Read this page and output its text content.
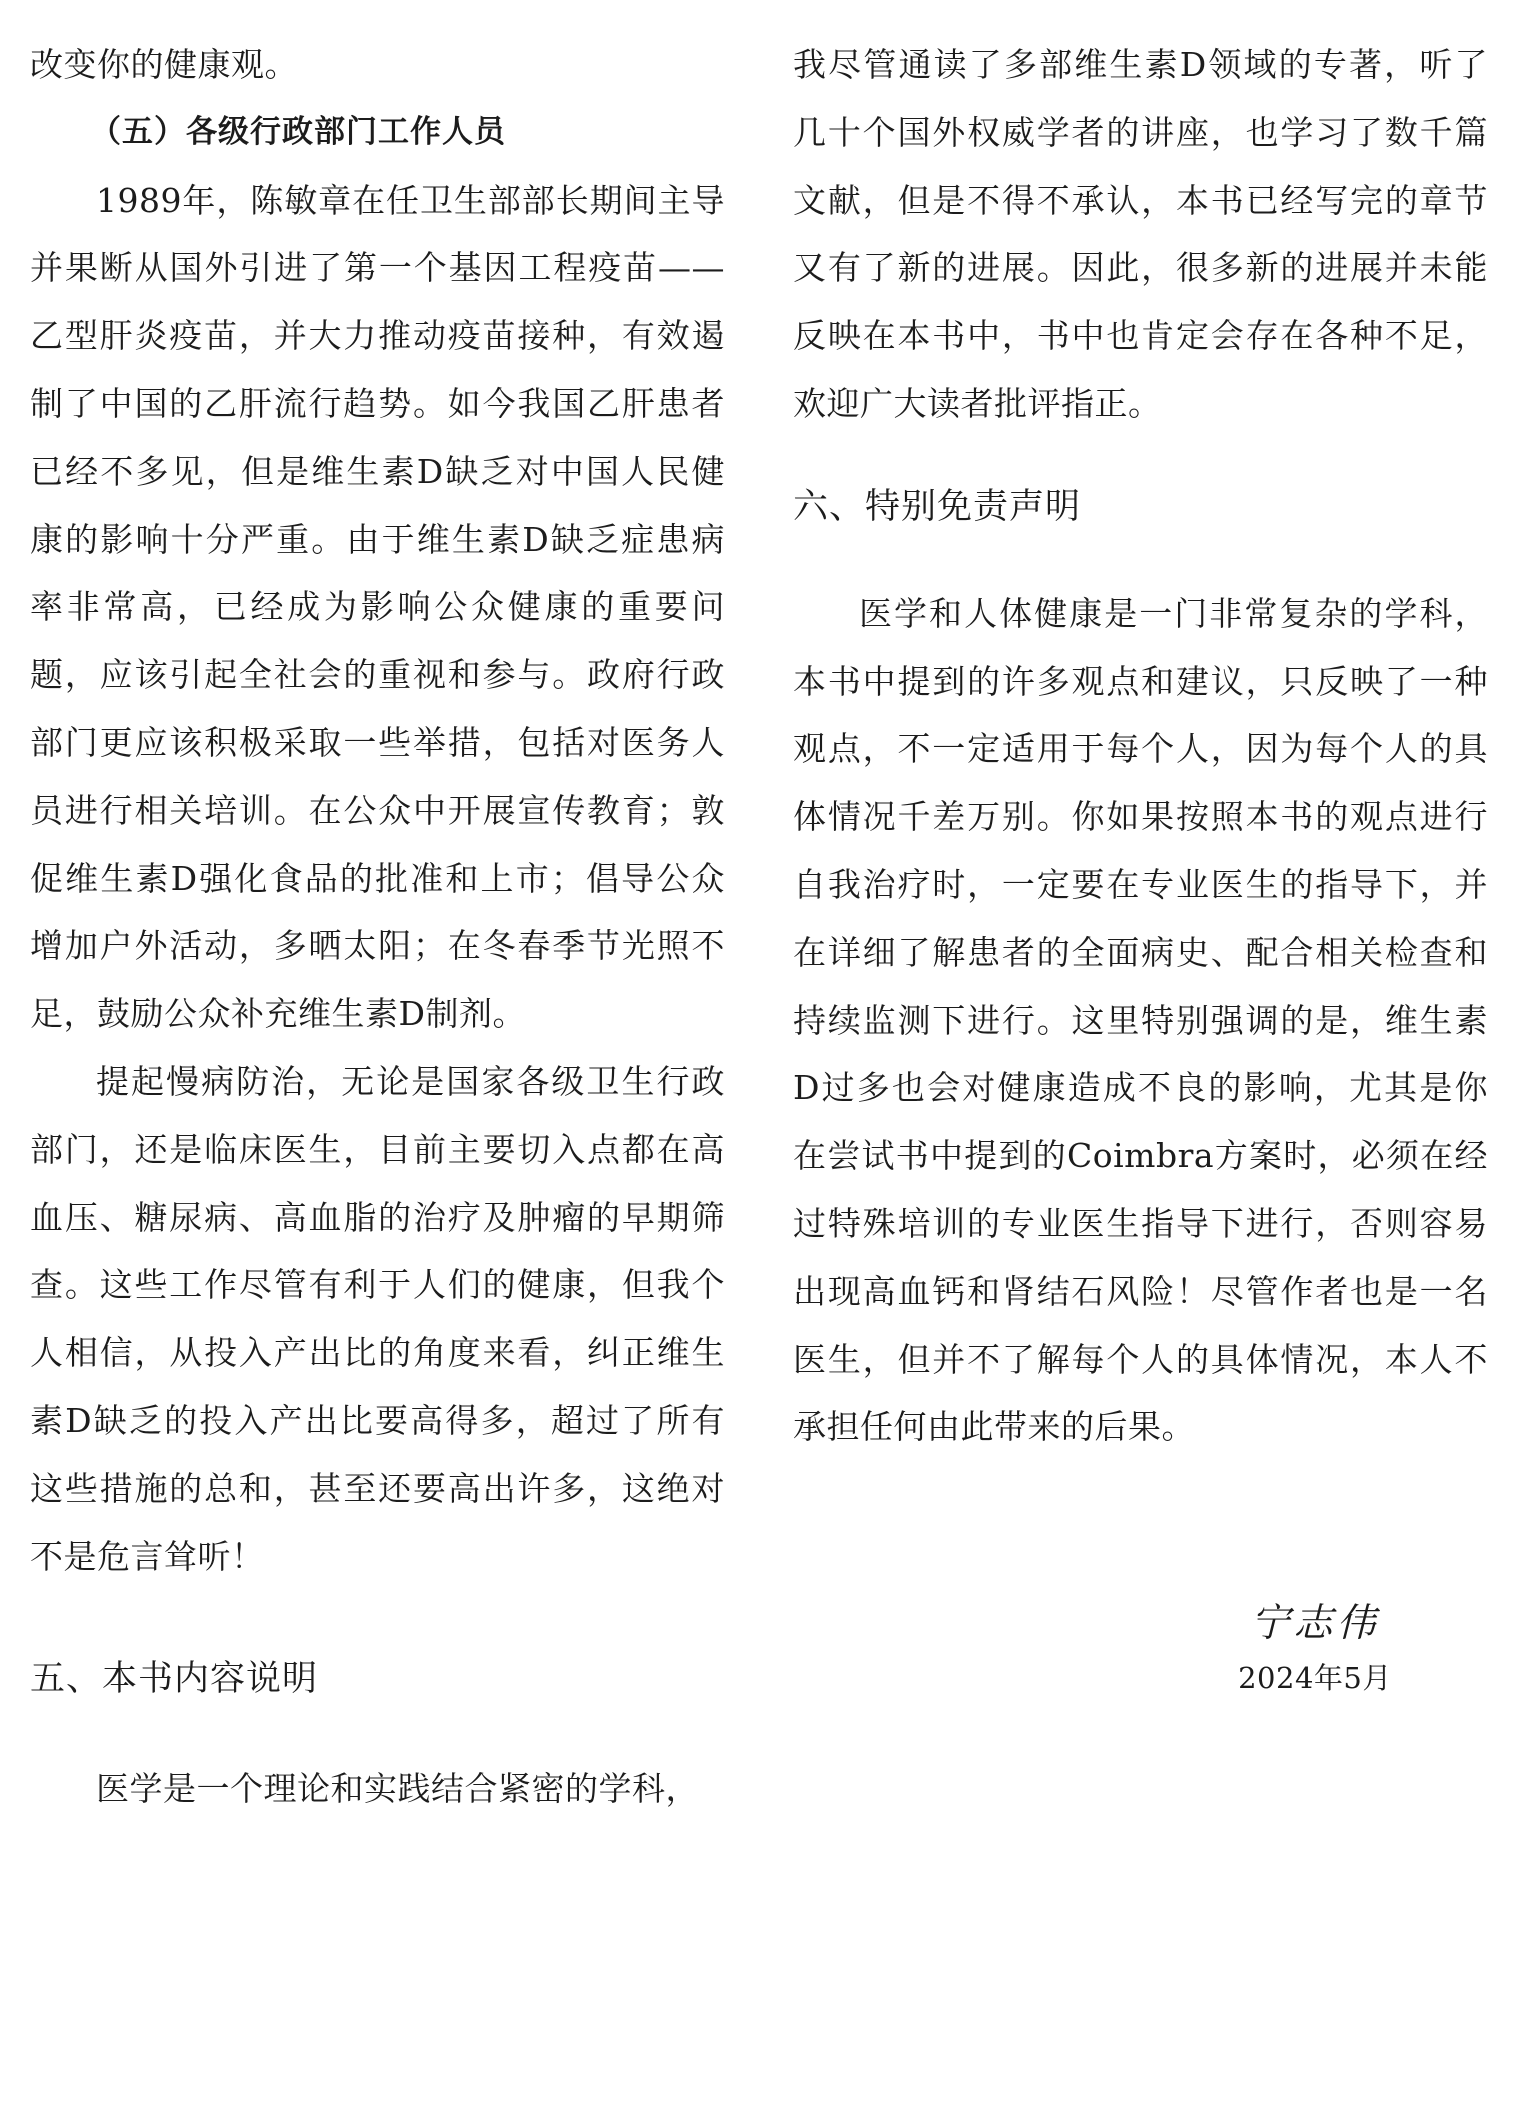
改变你的健康观。

（五）各级行政部门工作人员

1989年，陈敏章在任卫生部部长期间主导并果断从国外引进了第一个基因工程疫苗——乙型肝炎疫苗，并大力推动疫苗接种，有效遏制了中国的乙肝流行趋势。如今我国乙肝患者已经不多见，但是维生素D缺乏对中国人民健康的影响十分严重。由于维生素D缺乏症患病率非常高，已经成为影响公众健康的重要问题，应该引起全社会的重视和参与。政府行政部门更应该积极采取一些举措，包括对医务人员进行相关培训。在公众中开展宣传教育；敦促维生素D强化食品的批准和上市；倡导公众增加户外活动，多晒太阳；在冬春季节光照不足，鼓励公众补充维生素D制剂。

提起慢病防治，无论是国家各级卫生行政部门，还是临床医生，目前主要切入点都在高血压、糖尿病、高血脂的治疗及肿瘤的早期筛查。这些工作尽管有利于人们的健康，但我个人相信，从投入产出比的角度来看，纠正维生素D缺乏的投入产出比要高得多，超过了所有这些措施的总和，甚至还要高出许多，这绝对不是危言耸听！

五、本书内容说明

医学是一个理论和实践结合紧密的学科，

我尽管通读了多部维生素D领域的专著，听了几十个国外权威学者的讲座，也学习了数千篇文献，但是不得不承认，本书已经写完的章节又有了新的进展。因此，很多新的进展并未能反映在本书中，书中也肯定会存在各种不足，欢迎广大读者批评指正。

六、特别免责声明

医学和人体健康是一门非常复杂的学科，本书中提到的许多观点和建议，只反映了一种观点，不一定适用于每个人，因为每个人的具体情况千差万别。你如果按照本书的观点进行自我治疗时，一定要在专业医生的指导下，并在详细了解患者的全面病史、配合相关检查和持续监测下进行。这里特别强调的是，维生素D过多也会对健康造成不良的影响，尤其是你在尝试书中提到的Coimbra方案时，必须在经过特殊培训的专业医生指导下进行，否则容易出现高血钙和肾结石风险！尽管作者也是一名医生，但并不了解每个人的具体情况，本人不承担任何由此带来的后果。

宁志伟
2024年5月
